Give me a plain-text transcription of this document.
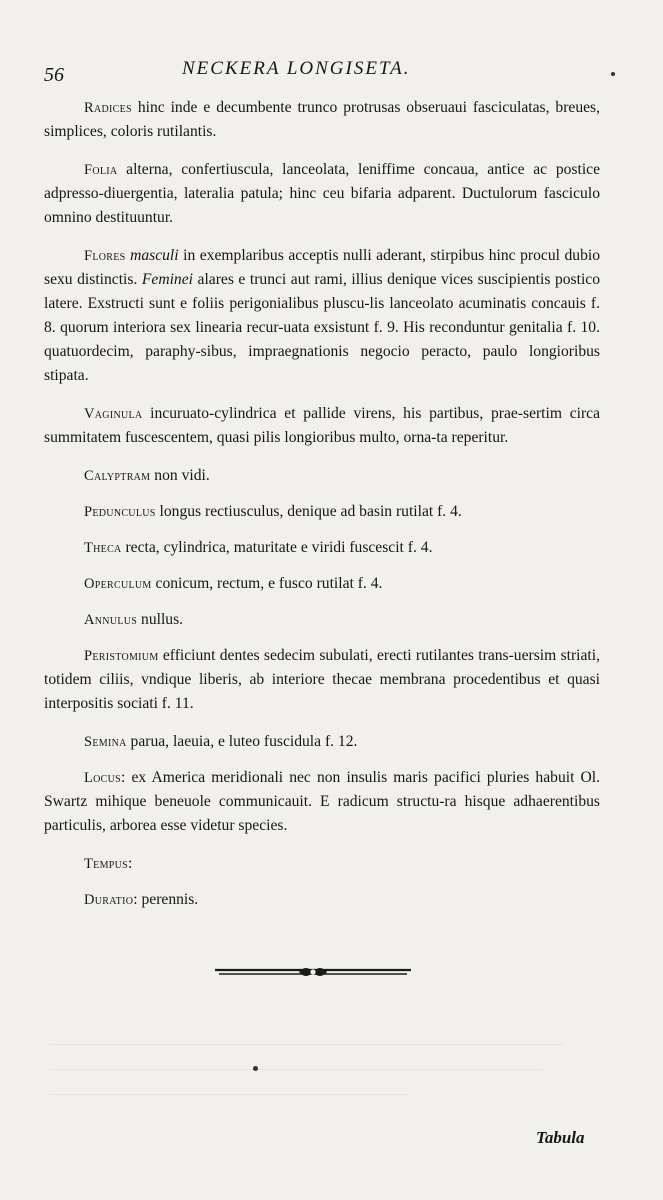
56	NECKERA LONGISETA.

Radices hinc inde e decumbente trunco protrusas obseruaui fasciculatas, breues, simplices, coloris rutilantis.

Folia alterna, confertiuscula, lanceolata, leniffime concaua, antice ac postice adpresso-diuergentia, lateralia patula; hinc ceu bifaria adparent. Ductulorum fasciculo omnino destituuntur.

Flores masculi in exemplaribus acceptis nulli aderant, stirpibus hinc procul dubio sexu distinctis. Feminei alares e trunci aut rami, illius denique vices suscipientis postico latere. Exstructi sunt e foliis perigonialibus pluscu-lis lanceolato acuminatis concauis f. 8. quorum interiora sex linearia recur-uata exsistunt f. 9. His reconduntur genitalia f. 10. quatuordecim, paraphy-sibus, impraegnationis negocio peracto, paulo longioribus stipata.

Vaginula incuruato-cylindrica et pallide virens, his partibus, prae-sertim circa summitatem fuscescentem, quasi pilis longioribus multo, orna-ta reperitur.

Calyptram non vidi.

Pedunculus longus rectiusculus, denique ad basin rutilat f. 4.

Theca recta, cylindrica, maturitate e viridi fuscescit f. 4.

Operculum conicum, rectum, e fusco rutilat f. 4.

Annulus nullus.

Peristomium efficiunt dentes sedecim subulati, erecti rutilantes trans-uersim striati, totidem ciliis, vndique liberis, ab interiore thecae membrana procedentibus et quasi interpositis sociati f. 11.

Semina parua, laeuia, e luteo fuscidula f. 12.

Locus: ex America meridionali nec non insulis maris pacifici pluries habuit Ol. Swartz mihique beneuole communicauit. E radicum structu-ra hisque adhaerentibus particulis, arborea esse videtur species.

Tempus:

Duratio: perennis.

Tabula
